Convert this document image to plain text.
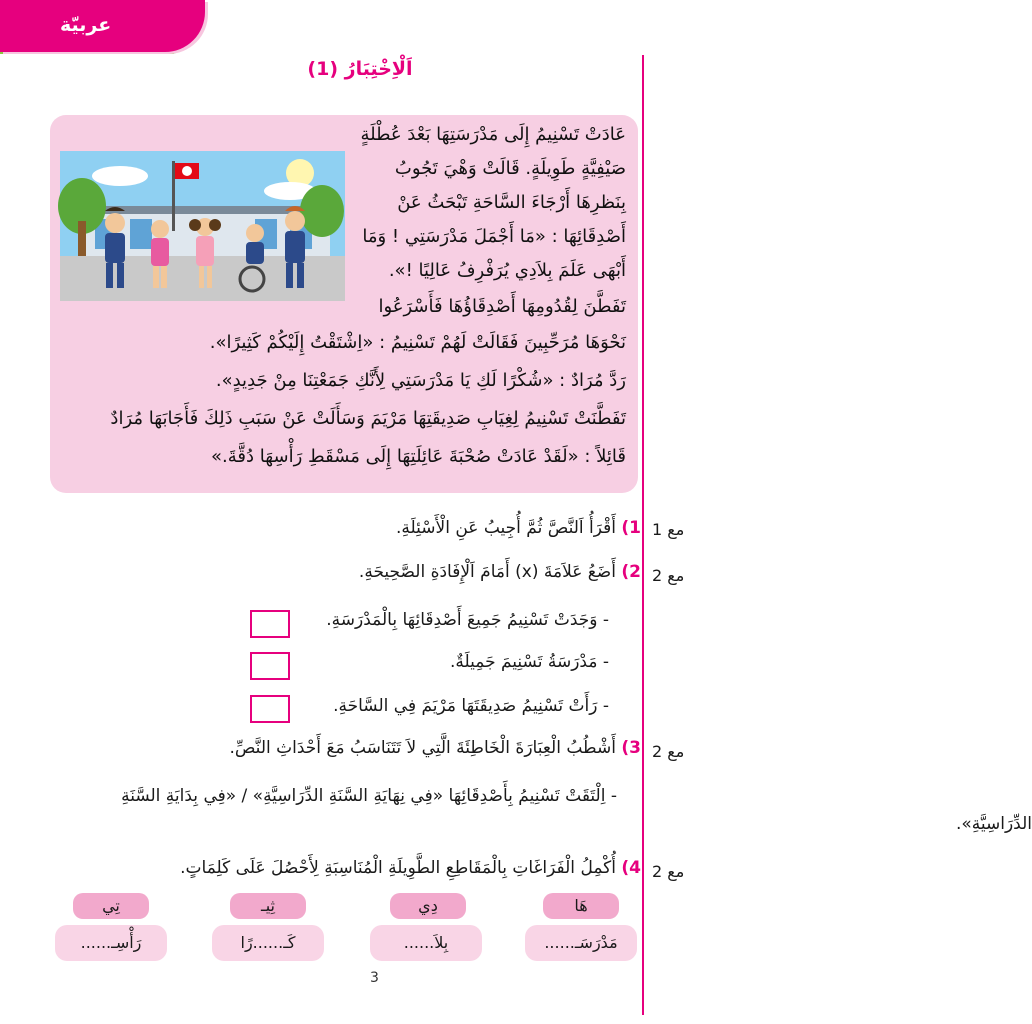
عربيّة
اَلْاِخْتِبَارُ (1)
عَادَتْ تَسْنِيمُ إِلَى مَدْرَسَتِهَا بَعْدَ عُطْلَةٍ
صَيْفِيَّةٍ طَوِيلَةٍ. قَالَتْ وَهْيَ تَجُوبُ
بِنَظرِهَا أَرْجَاءَ السَّاحَةِ تَبْحَثُ عَنْ
أَصْدِقَائِهَا : «مَا أَجْمَلَ مَدْرَسَتِي ! وَمَا
أَبْهَى عَلَمَ بِلاَدِي يُرَفْرِفُ عَالِيًا !».
تَفَطَّنَ لِقُدُومِهَا أَصْدِقَاؤُهَا فَأَسْرَعُوا
نَحْوَهَا مُرَحِّبِينَ فَقَالَتْ لَهُمْ تَسْنِيمُ : «اِشْتَقْتُ إِلَيْكُمْ كَثِيرًا».
رَدَّ مُرَادٌ : «شُكْرًا لَكِ يَا مَدْرَسَتِي لِأَنَّكِ جَمَعْتِنَا مِنْ جَدِيدٍ».
تَفَطَّنَتْ تَسْنِيمُ لِغِيَابِ صَدِيقَتِهَا مَرْيَمَ وَسَأَلَتْ عَنْ سَبَبِ ذَلِكَ فَأَجَابَهَا مُرَادٌ
قَائِلاً : «لَقَدْ عَادَتْ صُحْبَةَ عَائِلَتِهَا إِلَى مَسْقَطِ رَأْسِهَا دُقَّةَ.»
مع 1
1) أَقْرَأُ اَلنَّصَّ ثُمَّ أُجِيبُ عَنِ الْأَسْئِلَةِ.
مع 2
2) أَضَعُ عَلاَمَةَ (x) أَمَامَ اَلْإِفَادَةِ الصَّحِيحَةِ.
- وَجَدَتْ تَسْنِيمُ جَمِيعَ أَصْدِقَائِهَا بِالْمَدْرَسَةِ.
- مَدْرَسَةُ تَسْنِيمَ جَمِيلَةٌ.
- رَأَتْ تَسْنِيمُ صَدِيقَتَهَا مَرْيَمَ فِي السَّاحَةِ.
مع 2
3) أَشْطُبُ الْعِبَارَةَ الْخَاطِئَةَ الَّتِي لاَ تَتَنَاسَبُ مَعَ أَحْدَاثِ النَّصِّ.
- اِلْتَقَتْ تَسْنِيمُ بِأَصْدِقَائِهَا «فِي نِهَايَةِ السَّنَةِ الدِّرَاسِيَّةِ» / «فِي بِدَايَةِ السَّنَةِ
الدِّرَاسِيَّةِ».
مع 2
4) أُكْمِلُ الْفَرَاغَاتِ بِالْمَقَاطِعِ الطَّوِيلَةِ الْمُنَاسِبَةِ لِأَحْصُلَ عَلَى كَلِمَاتٍ.
هَا
دِي
ثِيـ
تِي
مَدْرَسَـ......
بِلاَ......
كَـ......رًا
رَأْسِـ......
3
